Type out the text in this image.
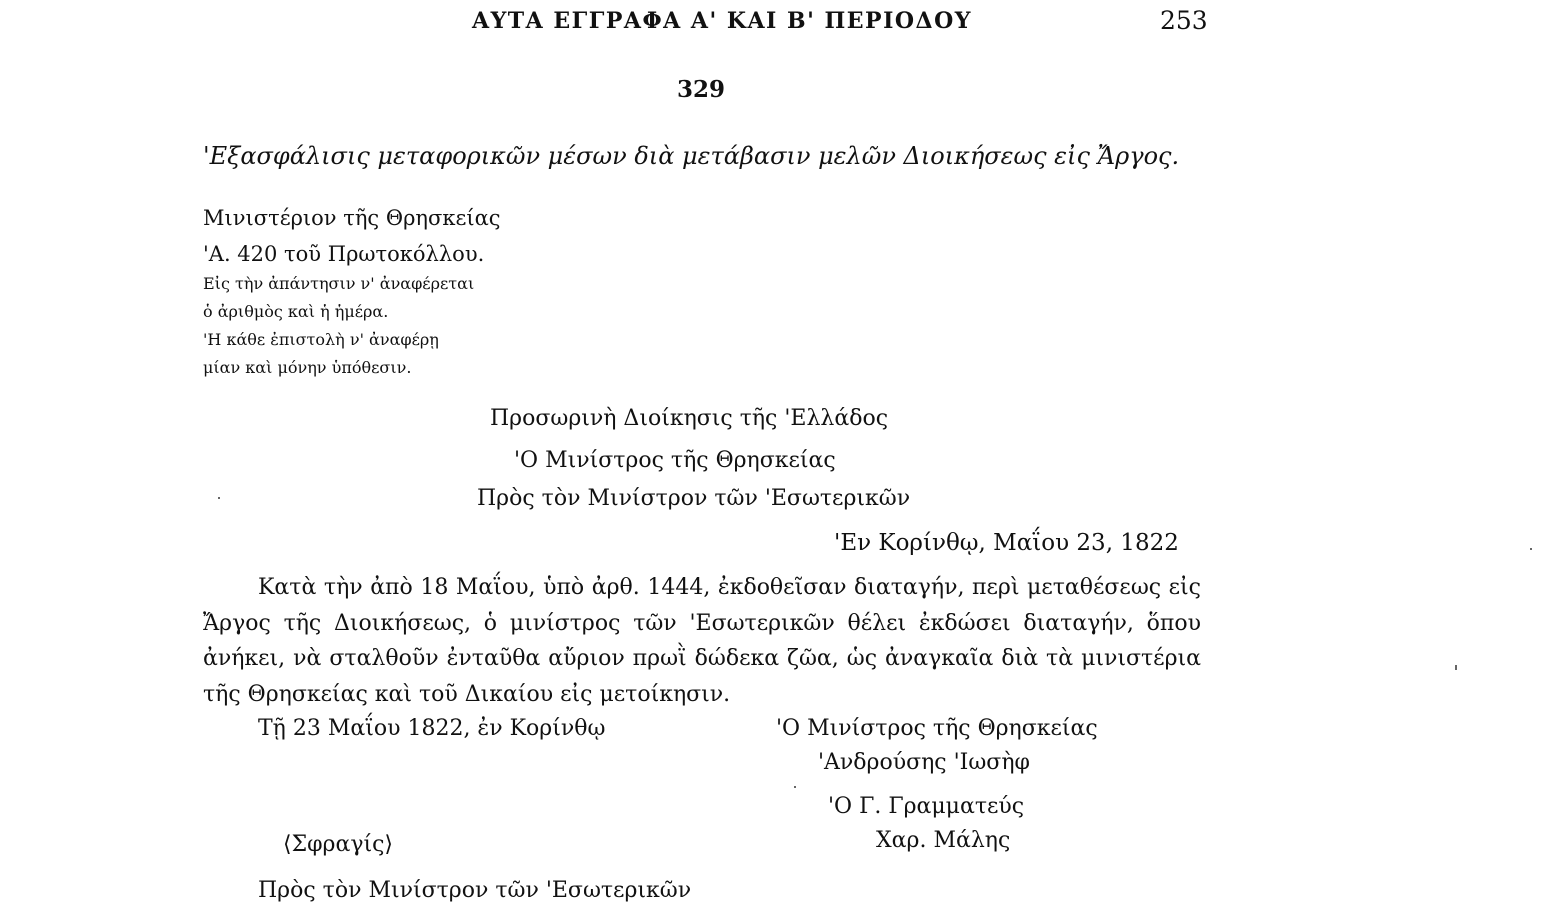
ΑΥΤΑ ΕΓΓΡΑΦΑ Α' ΚΑΙ Β' ΠΕΡΙΟΔΟΥ	253
329
'Εξασφάλισις μεταφορικῶν μέσων διὰ μετάβασιν μελῶν Διοικήσεως εἰς Ἄργος.
Μινιστέριον τῆς Θρησκείας
'Α. 420 τοῦ Πρωτοκόλλου.
Εἰς τὴν ἀπάντησιν ν' ἀναφέρεται
ὁ ἀριθμὸς καὶ ἡ ἡμέρα.
'Η κάθε ἐπιστολὴ ν' ἀναφέρῃ
μίαν καὶ μόνην ὑπόθεσιν.
Προσωρινὴ Διοίκησις τῆς 'Ελλάδος
'Ο Μινίστρος τῆς Θρησκείας
Πρὸς τὸν Μινίστρον τῶν 'Εσωτερικῶν
'Εν Κορίνθῳ, Μαΐου 23, 1822
Κατὰ τὴν ἀπὸ 18 Μαΐου, ὑπὸ ἀρθ. 1444, ἐκδοθεῖσαν διαταγήν, περὶ μεταθέσεως εἰς Ἄργος τῆς Διοικήσεως, ὁ μινίστρος τῶν 'Εσωτερικῶν θέλει ἐκδώσει διαταγήν, ὅπου ἀνήκει, νὰ σταλθοῦν ἐνταῦθα αὔριον πρωῒ δώδεκα ζῶα, ὡς ἀναγκαῖα διὰ τὰ μινιστέρια τῆς Θρησκείας καὶ τοῦ Δικαίου εἰς μετοίκησιν.
Τῇ 23 Μαΐου 1822, ἐν Κορίνθῳ	'Ο Μινίστρος τῆς Θρησκείας
'Ανδρούσης 'Ιωσὴφ
'Ο Γ. Γραμματεύς
Χαρ. Μάλης
⟨Σφραγίς⟩
Πρὸς τὸν Μινίστρον τῶν 'Εσωτερικῶν
